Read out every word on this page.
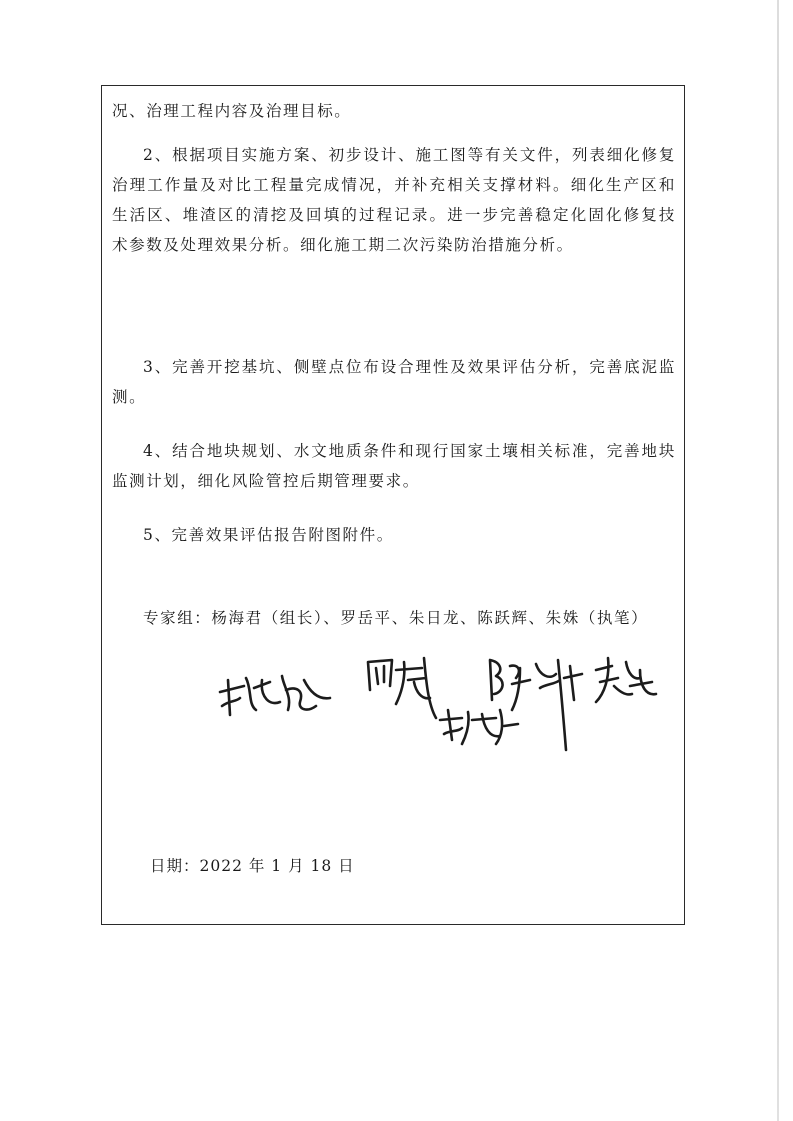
况、治理工程内容及治理目标。
2、根据项目实施方案、初步设计、施工图等有关文件，列表细化修复治理工作量及对比工程量完成情况，并补充相关支撑材料。细化生产区和生活区、堆渣区的清挖及回填的过程记录。进一步完善稳定化固化修复技术参数及处理效果分析。细化施工期二次污染防治措施分析。
3、完善开挖基坑、侧壁点位布设合理性及效果评估分析，完善底泥监测。
4、结合地块规划、水文地质条件和现行国家土壤相关标准，完善地块监测计划，细化风险管控后期管理要求。
5、完善效果评估报告附图附件。
专家组：杨海君（组长）、罗岳平、朱日龙、陈跃辉、朱姝（执笔）
日期：2022 年 1 月 18 日
